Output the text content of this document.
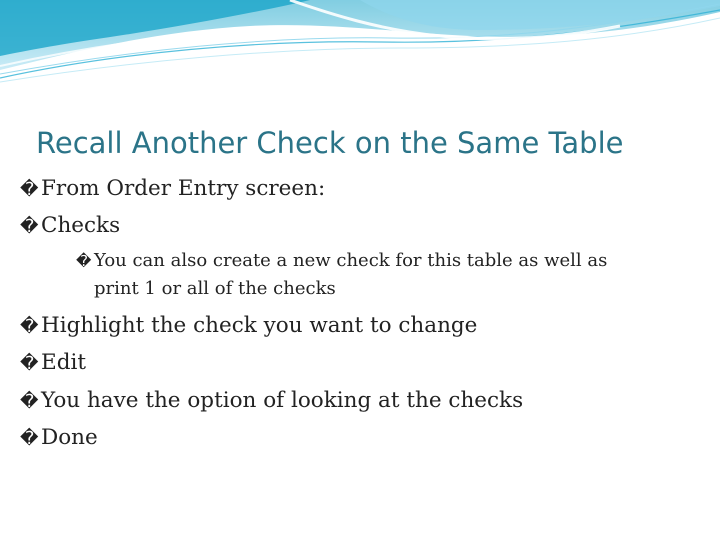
Recall Another Check on the Same Table
� From Order Entry screen:
� Checks
� You can also create a new check for this table as well as
print 1 or all of the checks
� Highlight the check you want to change
� Edit
� You have the option of looking at the checks
� Done
